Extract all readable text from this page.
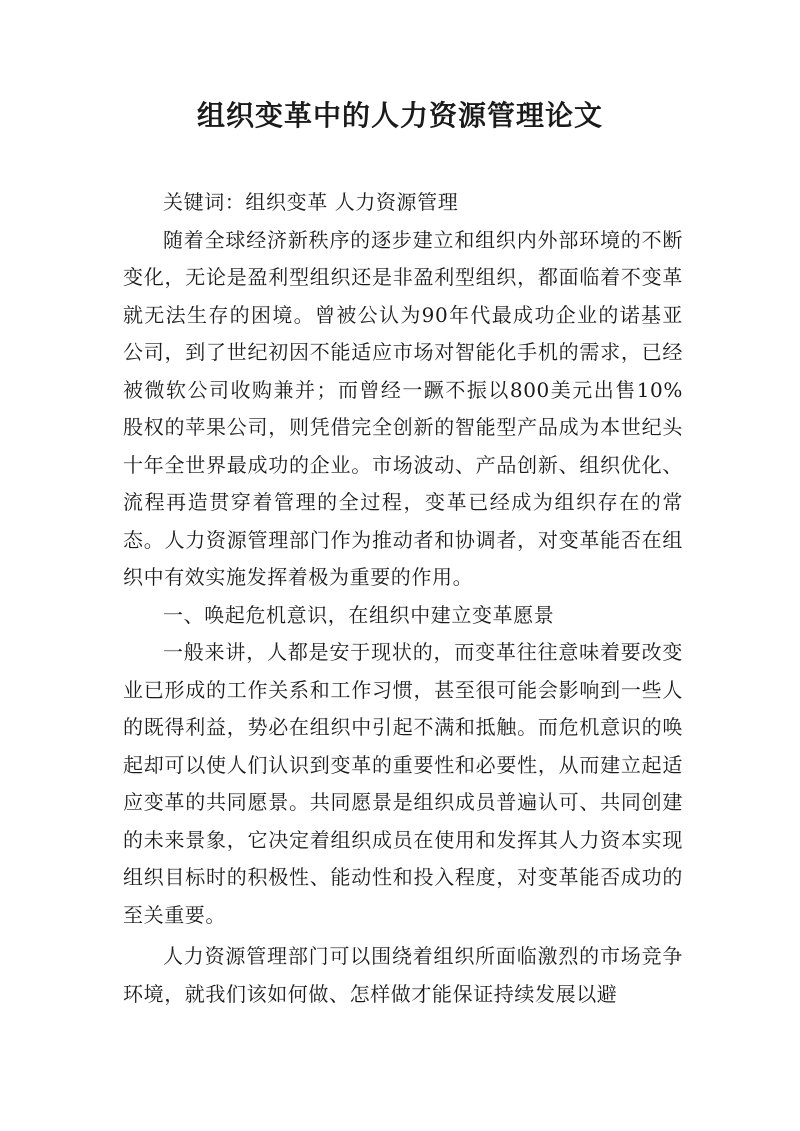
组织变革中的人力资源管理论文

关键词：组织变革 人力资源管理

随着全球经济新秩序的逐步建立和组织内外部环境的不断变化，无论是盈利型组织还是非盈利型组织，都面临着不变革就无法生存的困境。曾被公认为90年代最成功企业的诺基亚公司，到了世纪初因不能适应市场对智能化手机的需求，已经被微软公司收购兼并；而曾经一蹶不振以800美元出售10%股权的苹果公司，则凭借完全创新的智能型产品成为本世纪头十年全世界最成功的企业。市场波动、产品创新、组织优化、流程再造贯穿着管理的全过程，变革已经成为组织存在的常态。人力资源管理部门作为推动者和协调者，对变革能否在组织中有效实施发挥着极为重要的作用。

一、唤起危机意识，在组织中建立变革愿景

一般来讲，人都是安于现状的，而变革往往意味着要改变业已形成的工作关系和工作习惯，甚至很可能会影响到一些人的既得利益，势必在组织中引起不满和抵触。而危机意识的唤起却可以使人们认识到变革的重要性和必要性，从而建立起适应变革的共同愿景。共同愿景是组织成员普遍认可、共同创建的未来景象，它决定着组织成员在使用和发挥其人力资本实现组织目标时的积极性、能动性和投入程度，对变革能否成功的至关重要。

人力资源管理部门可以围绕着组织所面临激烈的市场竞争环境，就我们该如何做、怎样做才能保证持续发展以避
